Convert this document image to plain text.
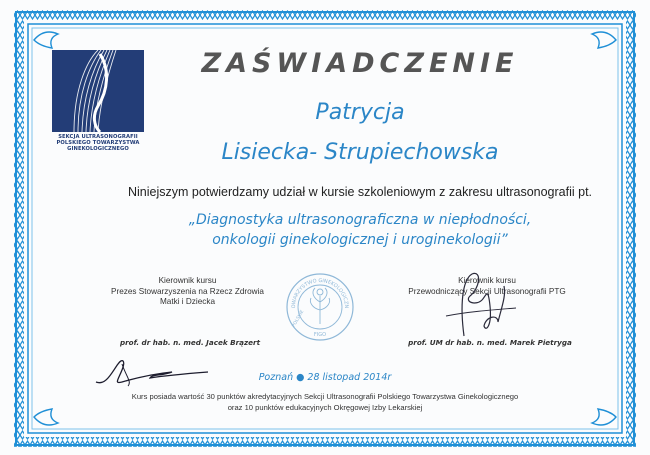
SEKCJA ULTRASONOGRAFII
POLSKIEGO TOWARZYSTWA
GINEKOLOGICZNEGO
ZAŚWIADCZENIE
Patrycja
Lisiecka- Strupiechowska
Niniejszym potwierdzamy udział w kursie szkoleniowym z zakresu ultrasonografii pt.
„Diagnostyka ultrasonograficzna w niepłodności,
onkologii ginekologicznej i uroginekologii”
Kierownik kursu
Prezes Stowarzyszenia na Rzecz Zdrowia
Matki i Dziecka
prof. dr hab. n. med. Jacek Brązert
Kierownik kursu
Przewodniczący Sekcji Ultrasonografii PTG
prof. UM dr hab. n. med. Marek Pietryga
OWARZYSTWO GINEKOLOGICZN
POLSKIE
FIGO
Poznań ● 28 listopad 2014r
Kurs posiada wartość 30 punktów akredytacyjnych Sekcji Ultrasonografii Polskiego Towarzystwa Ginekologicznego
oraz 10 punktów edukacyjnych Okręgowej Izby Lekarskiej
